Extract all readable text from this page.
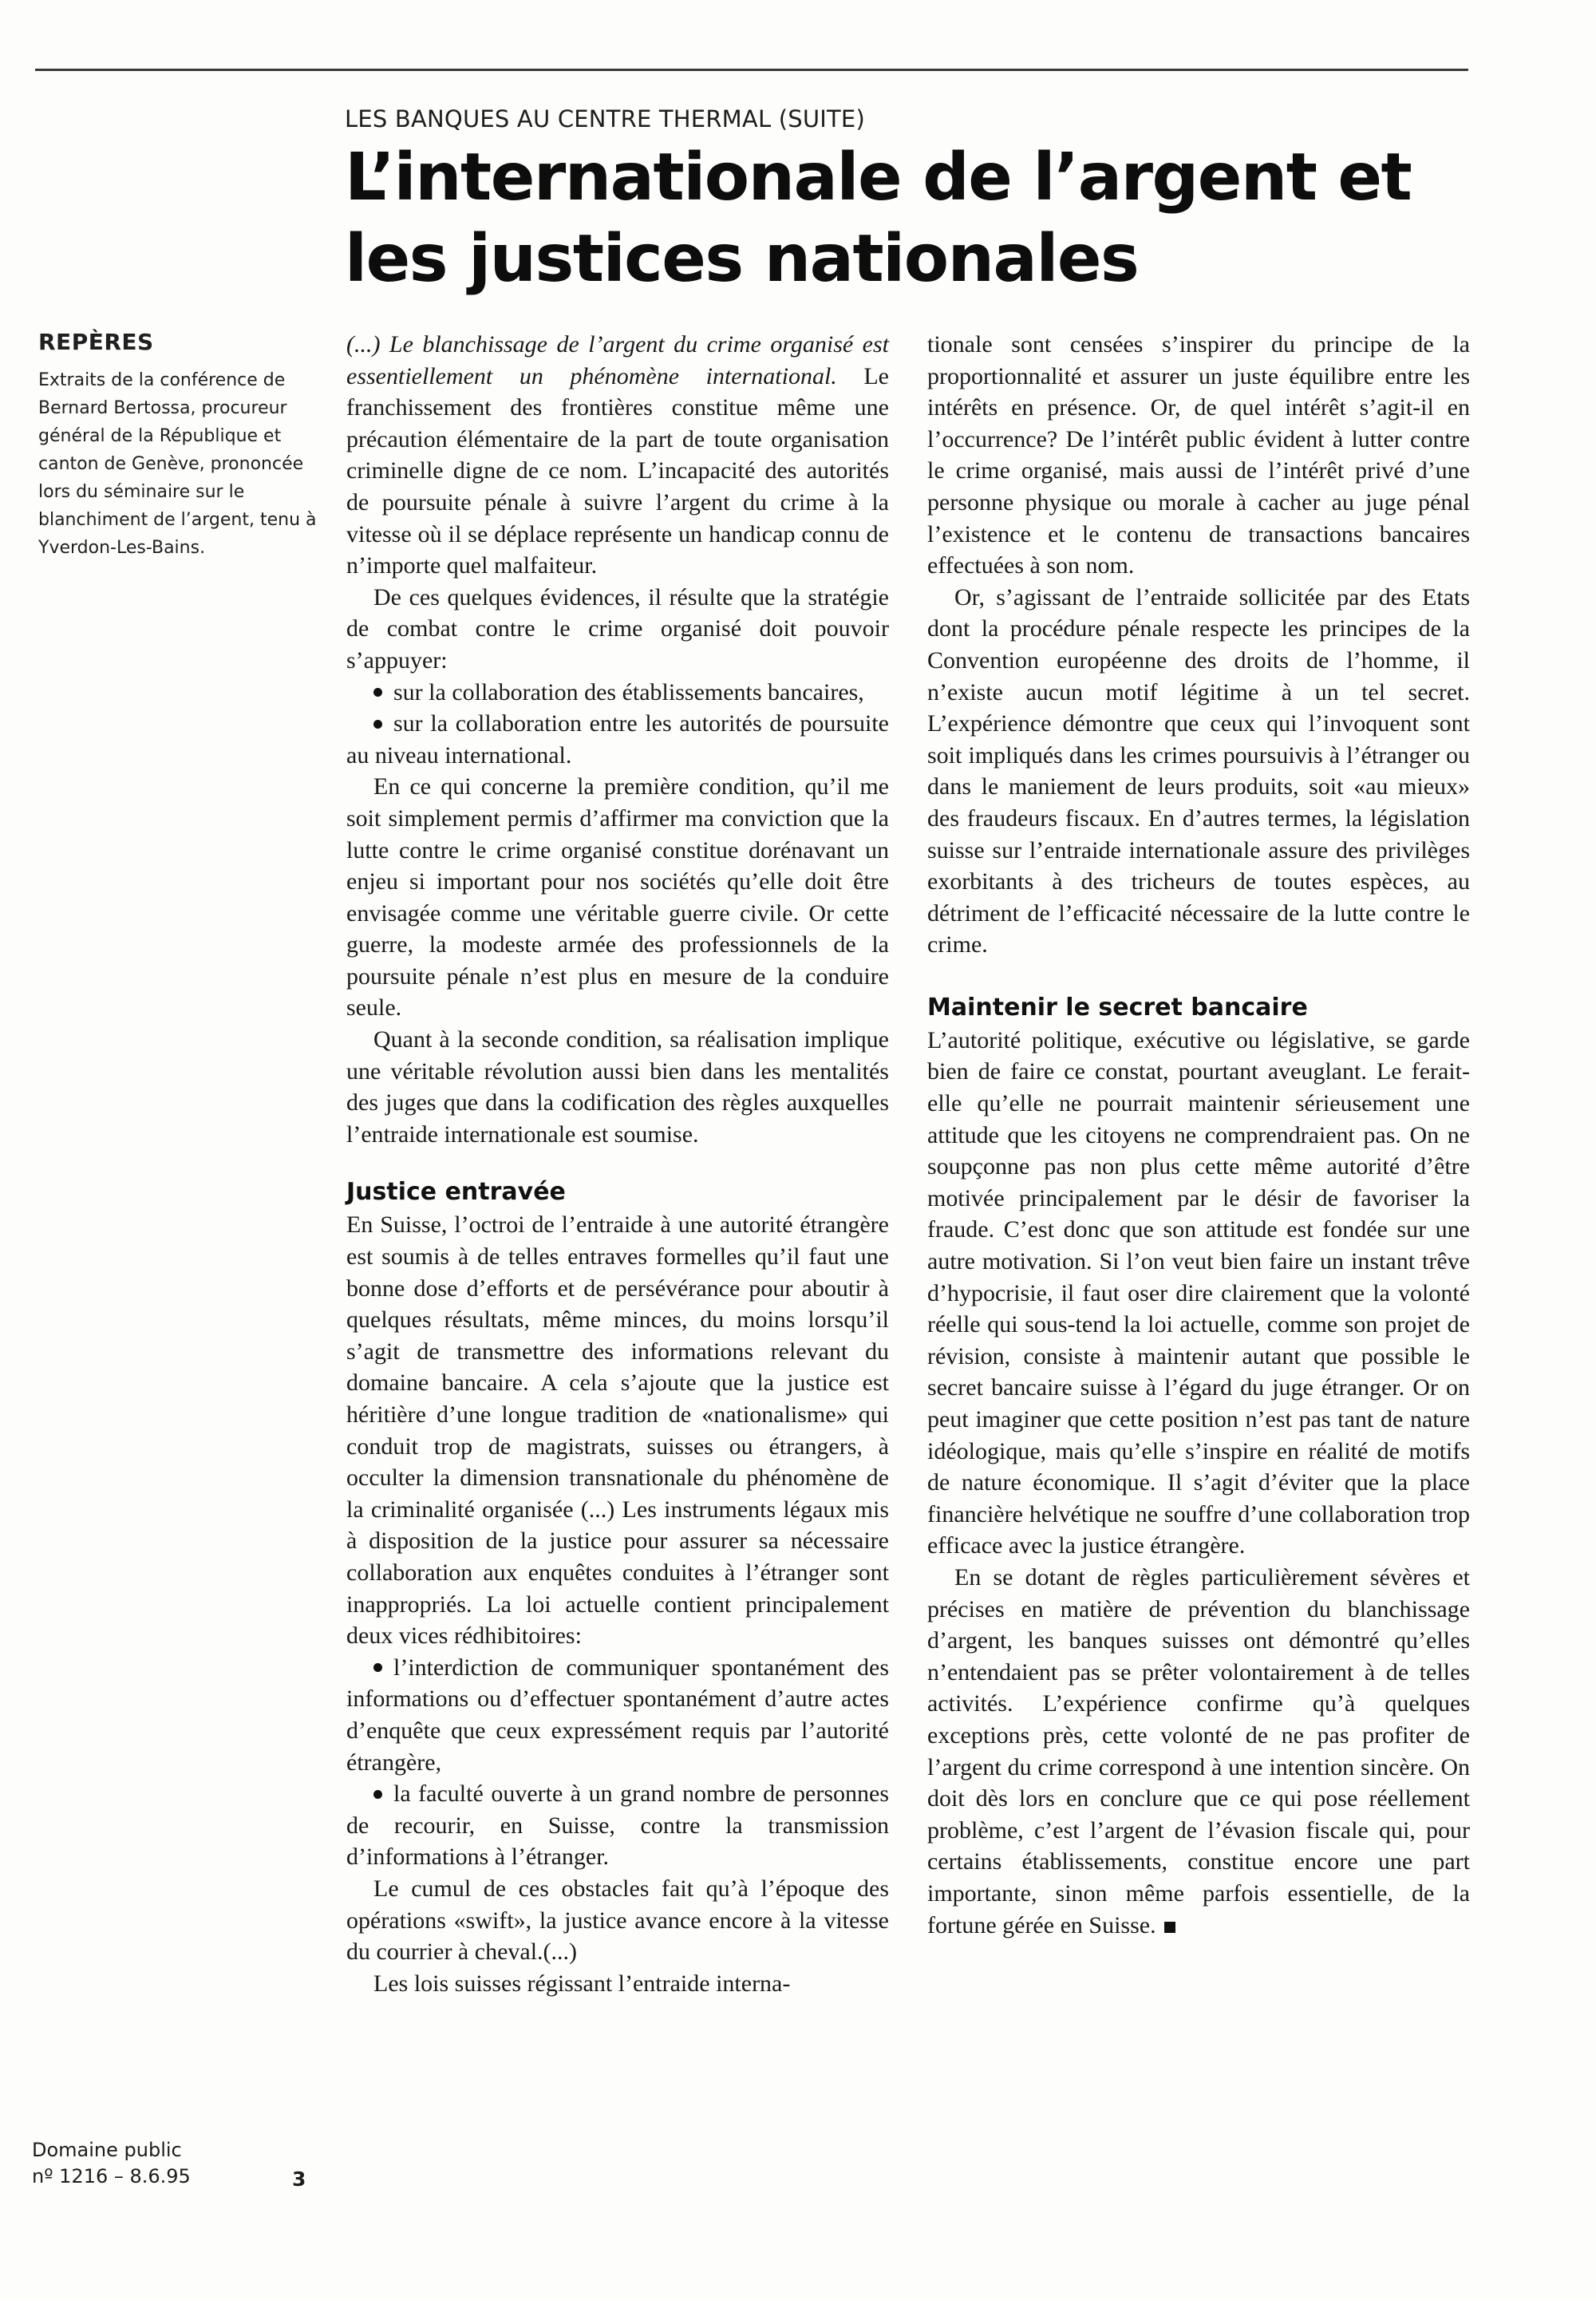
LES BANQUES AU CENTRE THERMAL (SUITE)
L’internationale de l’argent et les justices nationales
REPÈRES

Extraits de la conférence de Bernard Bertossa, procureur général de la République et canton de Genève, prononcée lors du séminaire sur le blanchiment de l’argent, tenu à Yverdon-Les-Bains.

Domaine public
nº 1216 – 8.6.95	3

(...) Le blanchissage de l’argent du crime organisé est essentiellement un phénomène international. Le franchissement des frontières constitue même une précaution élémentaire de la part de toute organisation criminelle digne de ce nom. L’incapacité des autorités de poursuite pénale à suivre l’argent du crime à la vitesse où il se déplace représente un handicap connu de n’importe quel malfaiteur.

De ces quelques évidences, il résulte que la stratégie de combat contre le crime organisé doit pouvoir s’appuyer:

sur la collaboration des établissements bancaires,

sur la collaboration entre les autorités de poursuite au niveau international.

En ce qui concerne la première condition, qu’il me soit simplement permis d’affirmer ma conviction que la lutte contre le crime organisé constitue dorénavant un enjeu si important pour nos sociétés qu’elle doit être envisagée comme une véritable guerre civile. Or cette guerre, la modeste armée des professionnels de la poursuite pénale n’est plus en mesure de la conduire seule.

Quant à la seconde condition, sa réalisation implique une véritable révolution aussi bien dans les mentalités des juges que dans la codification des règles auxquelles l’entraide internationale est soumise.

Justice entravée

En Suisse, l’octroi de l’entraide à une autorité étrangère est soumis à de telles entraves formelles qu’il faut une bonne dose d’efforts et de persévérance pour aboutir à quelques résultats, même minces, du moins lorsqu’il s’agit de transmettre des informations relevant du domaine bancaire. A cela s’ajoute que la justice est héritière d’une longue tradition de «nationalisme» qui conduit trop de magistrats, suisses ou étrangers, à occulter la dimension transnationale du phénomène de la criminalité organisée (...) Les instruments légaux mis à disposition de la justice pour assurer sa nécessaire collaboration aux enquêtes conduites à l’étranger sont inappropriés. La loi actuelle contient principalement deux vices rédhibitoires:

l’interdiction de communiquer spontanément des informations ou d’effectuer spontanément d’autre actes d’enquête que ceux expressément requis par l’autorité étrangère,

la faculté ouverte à un grand nombre de personnes de recourir, en Suisse, contre la transmission d’informations à l’étranger.

Le cumul de ces obstacles fait qu’à l’époque des opérations «swift», la justice avance encore à la vitesse du courrier à cheval.(...)

Les lois suisses régissant l’entraide interna-

tionale sont censées s’inspirer du principe de la proportionnalité et assurer un juste équilibre entre les intérêts en présence. Or, de quel intérêt s’agit-il en l’occurrence? De l’intérêt public évident à lutter contre le crime organisé, mais aussi de l’intérêt privé d’une personne physique ou morale à cacher au juge pénal l’existence et le contenu de transactions bancaires effectuées à son nom.

Or, s’agissant de l’entraide sollicitée par des Etats dont la procédure pénale respecte les principes de la Convention européenne des droits de l’homme, il n’existe aucun motif légitime à un tel secret. L’expérience démontre que ceux qui l’invoquent sont soit impliqués dans les crimes poursuivis à l’étranger ou dans le maniement de leurs produits, soit «au mieux» des fraudeurs fiscaux. En d’autres termes, la législation suisse sur l’entraide internationale assure des privilèges exorbitants à des tricheurs de toutes espèces, au détriment de l’efficacité nécessaire de la lutte contre le crime.

Maintenir le secret bancaire

L’autorité politique, exécutive ou législative, se garde bien de faire ce constat, pourtant aveuglant. Le ferait-elle qu’elle ne pourrait maintenir sérieusement une attitude que les citoyens ne comprendraient pas. On ne soupçonne pas non plus cette même autorité d’être motivée principalement par le désir de favoriser la fraude. C’est donc que son attitude est fondée sur une autre motivation. Si l’on veut bien faire un instant trêve d’hypocrisie, il faut oser dire clairement que la volonté réelle qui sous-tend la loi actuelle, comme son projet de révision, consiste à maintenir autant que possible le secret bancaire suisse à l’égard du juge étranger. Or on peut imaginer que cette position n’est pas tant de nature idéologique, mais qu’elle s’inspire en réalité de motifs de nature économique. Il s’agit d’éviter que la place financière helvétique ne souffre d’une collaboration trop efficace avec la justice étrangère.

En se dotant de règles particulièrement sévères et précises en matière de prévention du blanchissage d’argent, les banques suisses ont démontré qu’elles n’entendaient pas se prêter volontairement à de telles activités. L’expérience confirme qu’à quelques exceptions près, cette volonté de ne pas profiter de l’argent du crime correspond à une intention sincère. On doit dès lors en conclure que ce qui pose réellement problème, c’est l’argent de l’évasion fiscale qui, pour certains établissements, constitue encore une part importante, sinon même parfois essentielle, de la fortune gérée en Suisse.
